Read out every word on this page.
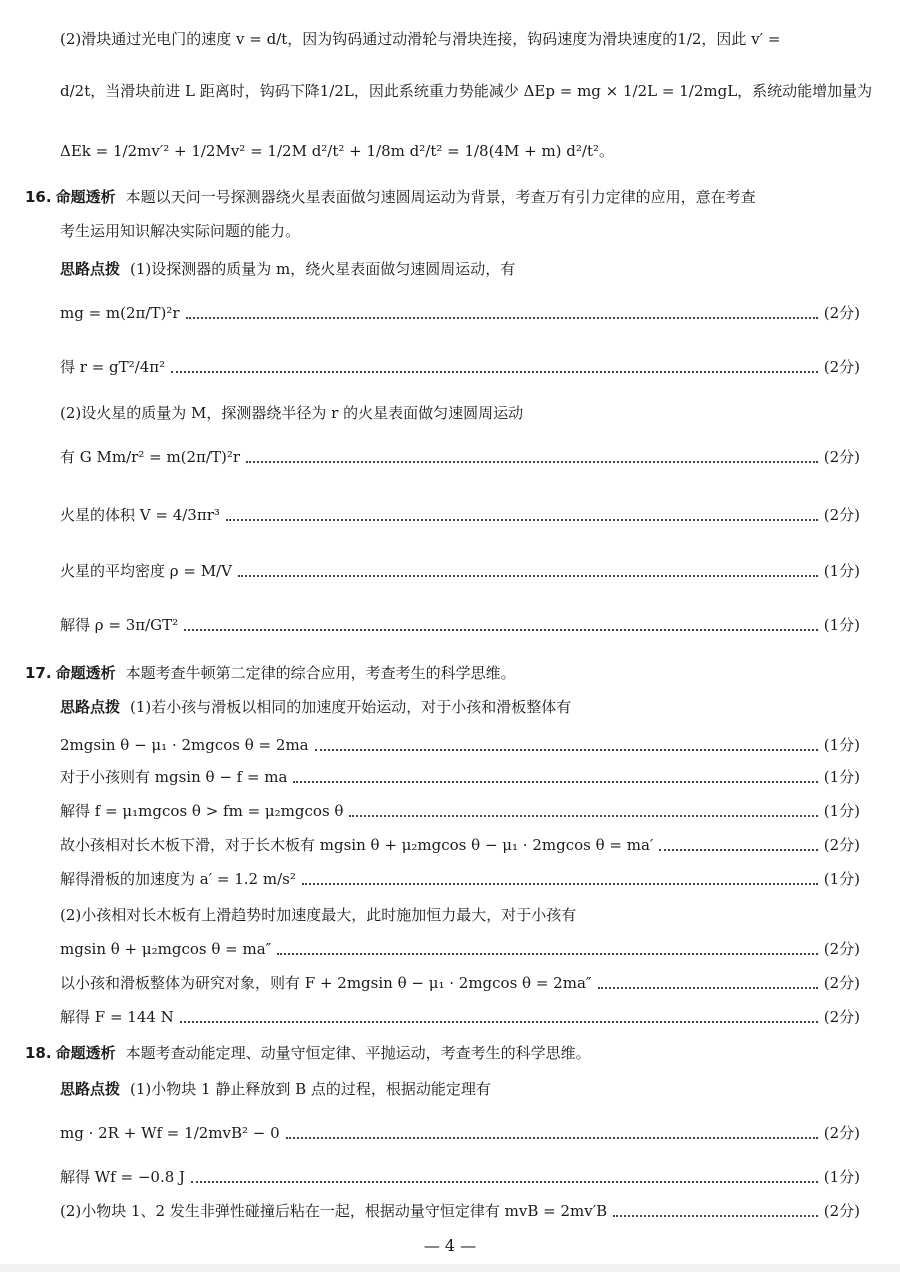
(2)滑块通过光电门的速度 v = d/t，因为钩码通过动滑轮与滑块连接，钩码速度为滑块速度的1/2，因此 v′ =
d/2t，当滑块前进 L 距离时，钩码下降1/2L，因此系统重力势能减少 ΔEp = mg × 1/2L = 1/2mgL，系统动能增加量为
ΔEk = 1/2mv′² + 1/2Mv² = 1/2M d²/t² + 1/8m d²/t² = 1/8(4M + m) d²/t²。
16. 命题透析 本题以天问一号探测器绕火星表面做匀速圆周运动为背景，考查万有引力定律的应用，意在考查
考生运用知识解决实际问题的能力。
思路点拨 (1)设探测器的质量为 m，绕火星表面做匀速圆周运动，有
mg = m(2π/T)²r	(2分)
得 r = gT²/4π²	(2分)
(2)设火星的质量为 M，探测器绕半径为 r 的火星表面做匀速圆周运动
有 G Mm/r² = m(2π/T)²r	(2分)
火星的体积 V = 4/3πr³	(2分)
火星的平均密度 ρ = M/V	(1分)
解得 ρ = 3π/GT²	(1分)
17. 命题透析 本题考查牛顿第二定律的综合应用，考查考生的科学思维。
思路点拨 (1)若小孩与滑板以相同的加速度开始运动，对于小孩和滑板整体有
2mgsin θ − μ₁ · 2mgcos θ = 2ma	(1分)
对于小孩则有 mgsin θ − f = ma	(1分)
解得 f = μ₁mgcos θ > fm = μ₂mgcos θ	(1分)
故小孩相对长木板下滑，对于长木板有 mgsin θ + μ₂mgcos θ − μ₁ · 2mgcos θ = ma′	(2分)
解得滑板的加速度为 a′ = 1.2 m/s²	(1分)
(2)小孩相对长木板有上滑趋势时加速度最大，此时施加恒力最大，对于小孩有
mgsin θ + μ₂mgcos θ = ma″	(2分)
以小孩和滑板整体为研究对象，则有 F + 2mgsin θ − μ₁ · 2mgcos θ = 2ma″	(2分)
解得 F = 144 N	(2分)
18. 命题透析 本题考查动能定理、动量守恒定律、平抛运动，考查考生的科学思维。
思路点拨 (1)小物块 1 静止释放到 B 点的过程，根据动能定理有
mg · 2R + Wf = 1/2mvB² − 0	(2分)
解得 Wf = −0.8 J	(1分)
(2)小物块 1、2 发生非弹性碰撞后粘在一起，根据动量守恒定律有 mvB = 2mv′B	(2分)
— 4 —
